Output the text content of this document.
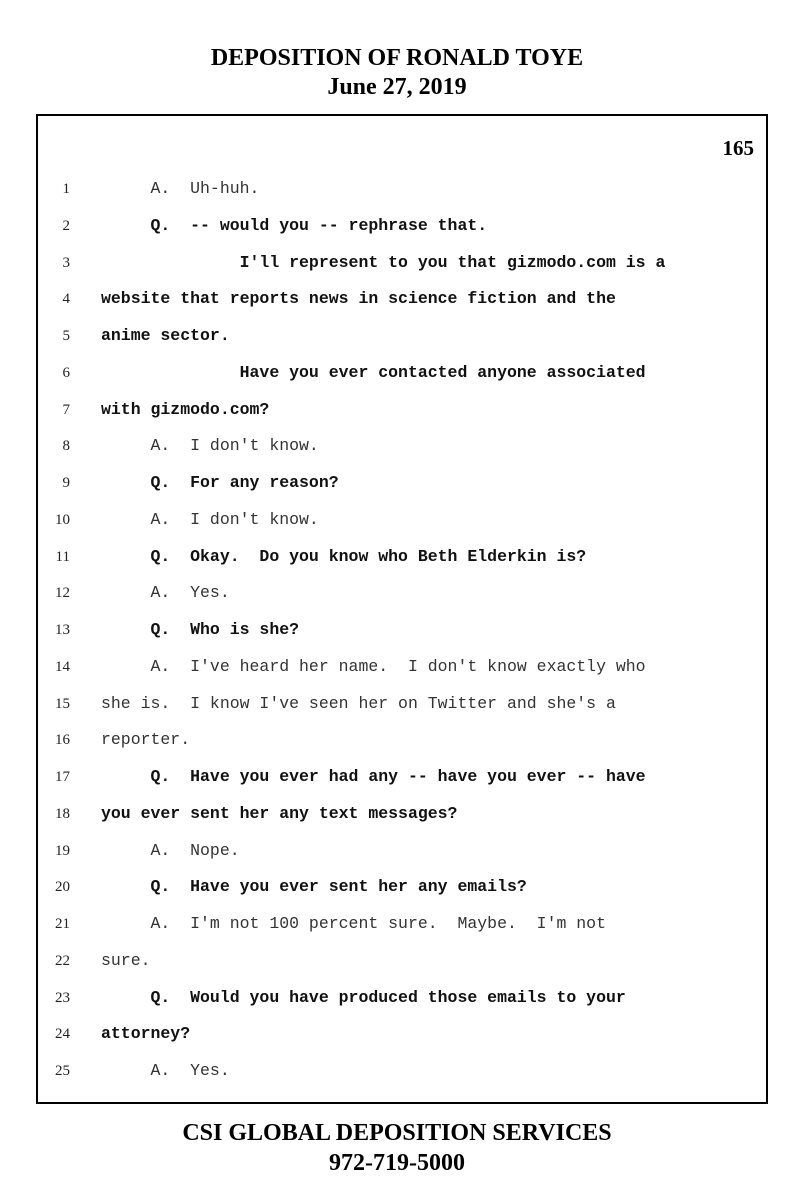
DEPOSITION OF RONALD TOYE
June 27, 2019
165
1 A.  Uh-huh.
2 Q.  -- would you -- rephrase that.
3 I'll represent to you that gizmodo.com is a
4 website that reports news in science fiction and the
5 anime sector.
6 Have you ever contacted anyone associated
7 with gizmodo.com?
8 A.  I don't know.
9 Q.  For any reason?
10 A.  I don't know.
11 Q.  Okay.  Do you know who Beth Elderkin is?
12 A.  Yes.
13 Q.  Who is she?
14 A.  I've heard her name.  I don't know exactly who
15 she is.  I know I've seen her on Twitter and she's a
16 reporter.
17 Q.  Have you ever had any -- have you ever -- have
18 you ever sent her any text messages?
19 A.  Nope.
20 Q.  Have you ever sent her any emails?
21 A.  I'm not 100 percent sure.  Maybe.  I'm not
22 sure.
23 Q.  Would you have produced those emails to your
24 attorney?
25 A.  Yes.
CSI GLOBAL DEPOSITION SERVICES
972-719-5000
